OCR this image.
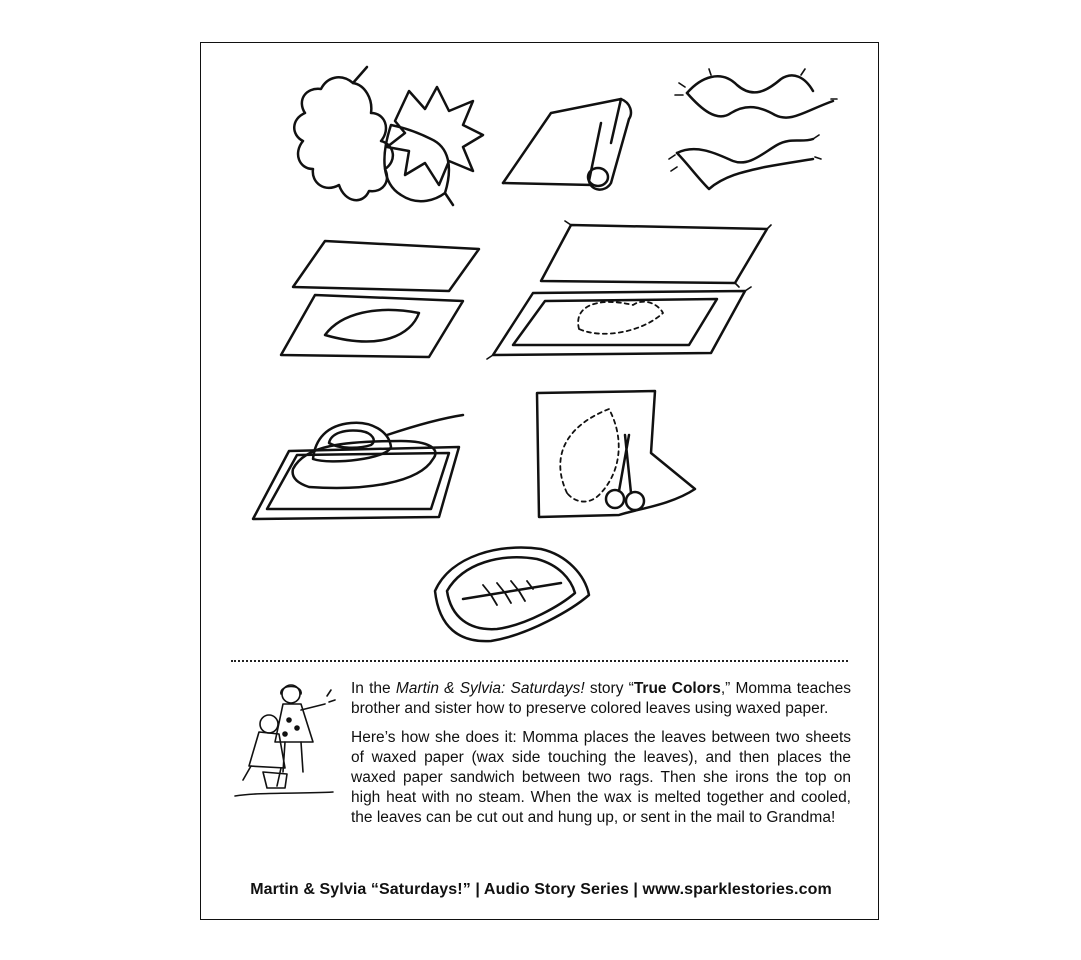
In the Martin & Sylvia: Saturdays! story “True Colors,” Momma teaches brother and sister how to preserve colored leaves using waxed paper.

Here’s how she does it: Momma places the leaves between two sheets of waxed paper (wax side touching the leaves), and then places the waxed paper sandwich between two rags. Then she irons the top on high heat with no steam. When the wax is melted together and cooled, the leaves can be cut out and hung up, or sent in the mail to Grandma!

Martin & Sylvia “Saturdays!” | Audio Story Series | www.sparklestories.com
